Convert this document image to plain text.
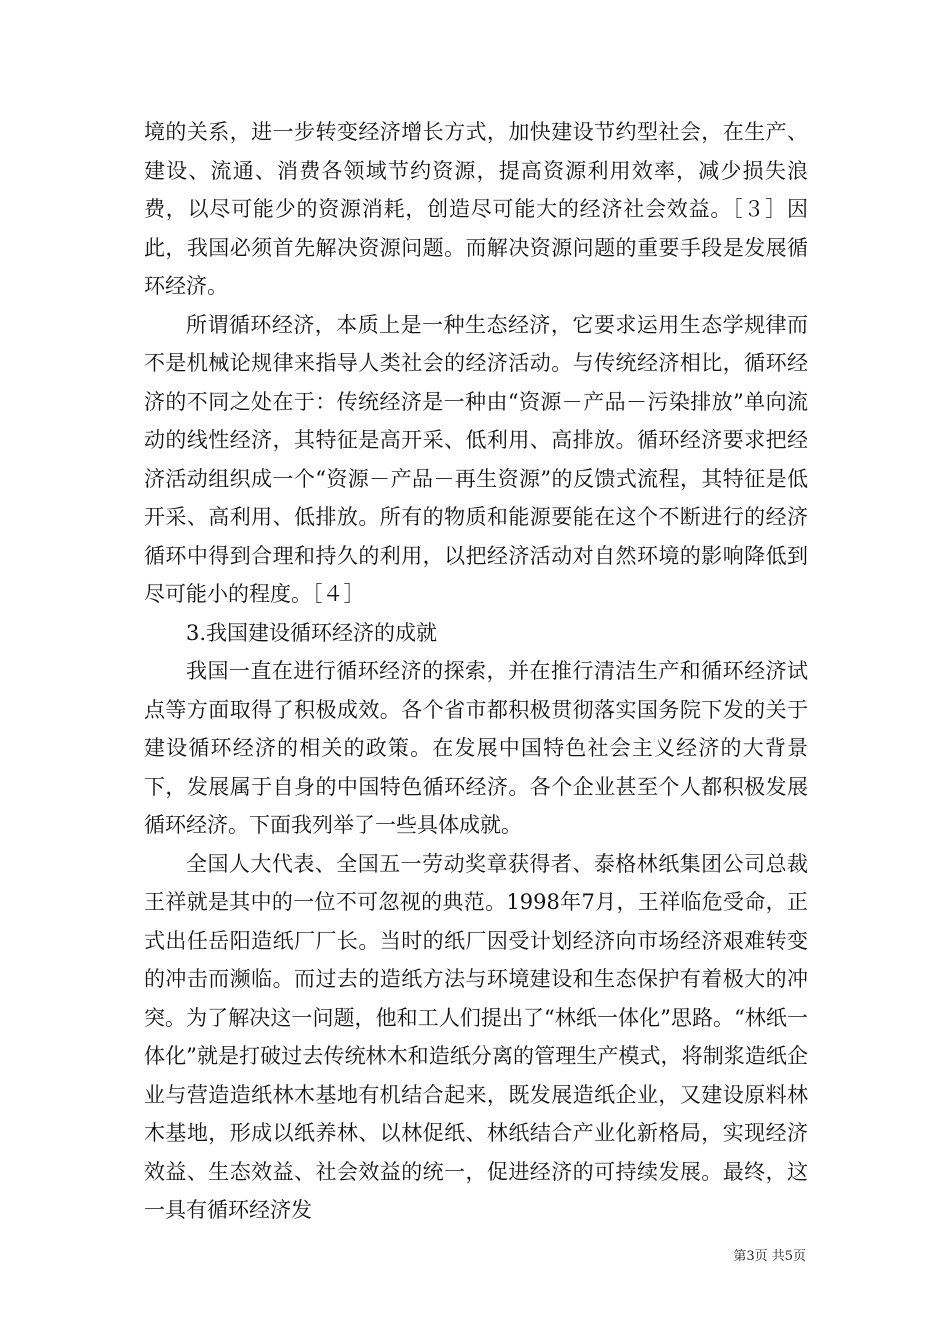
境的关系，进一步转变经济增长方式，加快建设节约型社会，在生产、建设、流通、消费各领域节约资源，提高资源利用效率，减少损失浪费，以尽可能少的资源消耗，创造尽可能大的经济社会效益。［３］因此，我国必须首先解决资源问题。而解决资源问题的重要手段是发展循环经济。

所谓循环经济，本质上是一种生态经济，它要求运用生态学规律而不是机械论规律来指导人类社会的经济活动。与传统经济相比，循环经济的不同之处在于：传统经济是一种由“资源－产品－污染排放”单向流动的线性经济，其特征是高开采、低利用、高排放。循环经济要求把经济活动组织成一个“资源－产品－再生资源”的反馈式流程，其特征是低开采、高利用、低排放。所有的物质和能源要能在这个不断进行的经济循环中得到合理和持久的利用，以把经济活动对自然环境的影响降低到尽可能小的程度。［４］

3.我国建设循环经济的成就

我国一直在进行循环经济的探索，并在推行清洁生产和循环经济试点等方面取得了积极成效。各个省市都积极贯彻落实国务院下发的关于建设循环经济的相关的政策。在发展中国特色社会主义经济的大背景下，发展属于自身的中国特色循环经济。各个企业甚至个人都积极发展循环经济。下面我列举了一些具体成就。

全国人大代表、全国五一劳动奖章获得者、泰格林纸集团公司总裁王祥就是其中的一位不可忽视的典范。1998年7月，王祥临危受命，正式出任岳阳造纸厂厂长。当时的纸厂因受计划经济向市场经济艰难转变的冲击而濒临。而过去的造纸方法与环境建设和生态保护有着极大的冲突。为了解决这一问题，他和工人们提出了“林纸一体化”思路。“林纸一体化”就是打破过去传统林木和造纸分离的管理生产模式，将制浆造纸企业与营造造纸林木基地有机结合起来，既发展造纸企业，又建设原料林木基地，形成以纸养林、以林促纸、林纸结合产业化新格局，实现经济效益、生态效益、社会效益的统一，促进经济的可持续发展。最终，这一具有循环经济发

第3页 共5页
